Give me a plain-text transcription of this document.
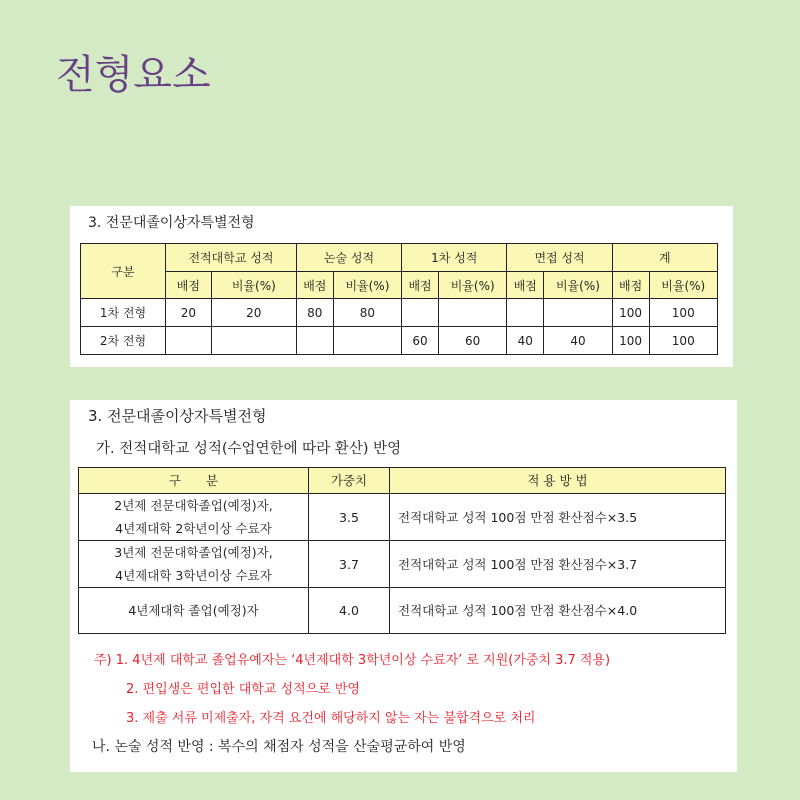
전형요소
3. 전문대졸이상자특별전형
구분	전적대학교 성적		논술 성적		1차 성적		면접 성적		계	
	배점	비율(%)	배점	비율(%)	배점	비율(%)	배점	비율(%)	배점	비율(%)
1차 전형	20	20	80	80					100	100
2차 전형					60	60	40	40	100	100
3. 전문대졸이상자특별전형
가. 전적대학교 성적(수업연한에 따라 환산) 반영
구　　분	가중치	적 용 방 법

2년제 전문대학졸업(예정)자,
4년제대학 2학년이상 수료자	3.5	전적대학교 성적 100점 만점 환산점수×3.5

3년제 전문대학졸업(예정)자,
4년제대학 3학년이상 수료자	3.7	전적대학교 성적 100점 만점 환산점수×3.7
4년제대학 졸업(예정)자	4.0	전적대학교 성적 100점 만점 환산점수×4.0
주) 1. 4년제 대학교 졸업유예자는 ‘4년제대학 3학년이상 수료자’ 로 지원(가중치 3.7 적용)
2. 편입생은 편입한 대학교 성적으로 반영
3. 제출 서류 미제출자, 자격 요건에 해당하지 않는 자는 불합격으로 처리
나. 논술 성적 반영 : 복수의 채점자 성적을 산술평균하여 반영
